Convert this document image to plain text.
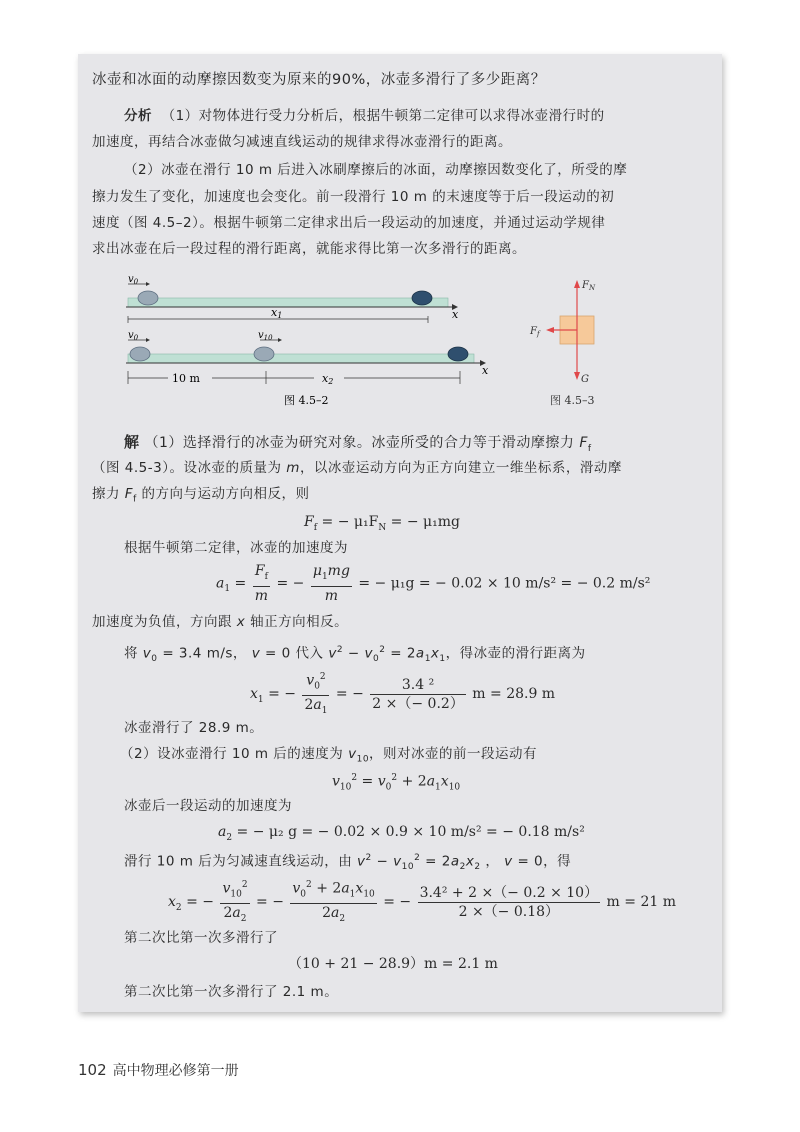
冰壶和冰面的动摩擦因数变为原来的90%，冰壶多滑行了多少距离？
分析 （1）对物体进行受力分析后，根据牛顿第二定律可以求得冰壶滑行时的
加速度，再结合冰壶做匀减速直线运动的规律求得冰壶滑行的距离。
（2）冰壶在滑行 10 m 后进入冰刷摩擦后的冰面，动摩擦因数变化了，所受的摩
擦力发生了变化，加速度也会变化。前一段滑行 10 m 的末速度等于后一段运动的初
速度（图 4.5–2）。根据牛顿第二定律求出后一段运动的加速度，并通过运动学规律
求出冰壶在后一段过程的滑行距离，就能求得比第一次多滑行的距离。
x
$v_0$
x1
x
$v_0$	$v_{10}$
10 m	x2
图 4.5–2
$F_N$
G
$F_f$
图 4.5–3
解 （1）选择滑行的冰壶为研究对象。冰壶所受的合力等于滑动摩擦力 $F_f$
（图 4.5-3）。设冰壶的质量为 m，以冰壶运动方向为正方向建立一维坐标系，滑动摩
擦力 $F_f$ 的方向与运动方向相反，则
$F_f$ = − $\mu_1F_N$ = − μ₁mg
根据牛顿第二定律，冰壶的加速度为
$a_1 = \frac{F_f}{m}$ = − $\frac{\mu_1mg}{m}$ = − μ₁g = − 0.02 × 10 m/s² = − 0.2 m/s²
加速度为负值，方向跟 x 轴正方向相反。
将 $v_0 = 3.4$ m/s， v = 0 代入 $v^2 - v_0^2 = 2a_1x_1$，得冰壶的滑行距离为
$x_1$ = − $\frac{v_0^2}{2a_1}$ = − $\frac{\text{3.4 ²}}{2 \times(- 0.2)}$ m = 28.9 m
冰壶滑行了 28.9 m。
（2）设冰壶滑行 10 m 后的速度为 $v_{10}$，则对冰壶的前一段运动有
$v_{10}^2 = v_0^2 + 2a_1x_{10}$
冰壶后一段运动的加速度为
$a_2$ = − μ₂ g = − 0.02 × 0.9 × 10 m/s² = − 0.18 m/s²
滑行 10 m 后为匀减速直线运动，由 $v^2 - v_{10}^2 = 2a_2x_2$ ， v = 0，得
$x_2$ = − $\frac{v_{10}^2}{2a_2}$ = − $\frac{v_0^2 + 2a_1x_{10}}{2a_2}$ = − $\frac{\text{3.4² + 2 ×（− 0.2 × 10）}}{2 \times(- 0.18)}$ m = 21 m
第二次比第一次多滑行了
（10 + 21 − 28.9）m = 2.1 m
第二次比第一次多滑行了 2.1 m。
102 高中物理必修第一册
